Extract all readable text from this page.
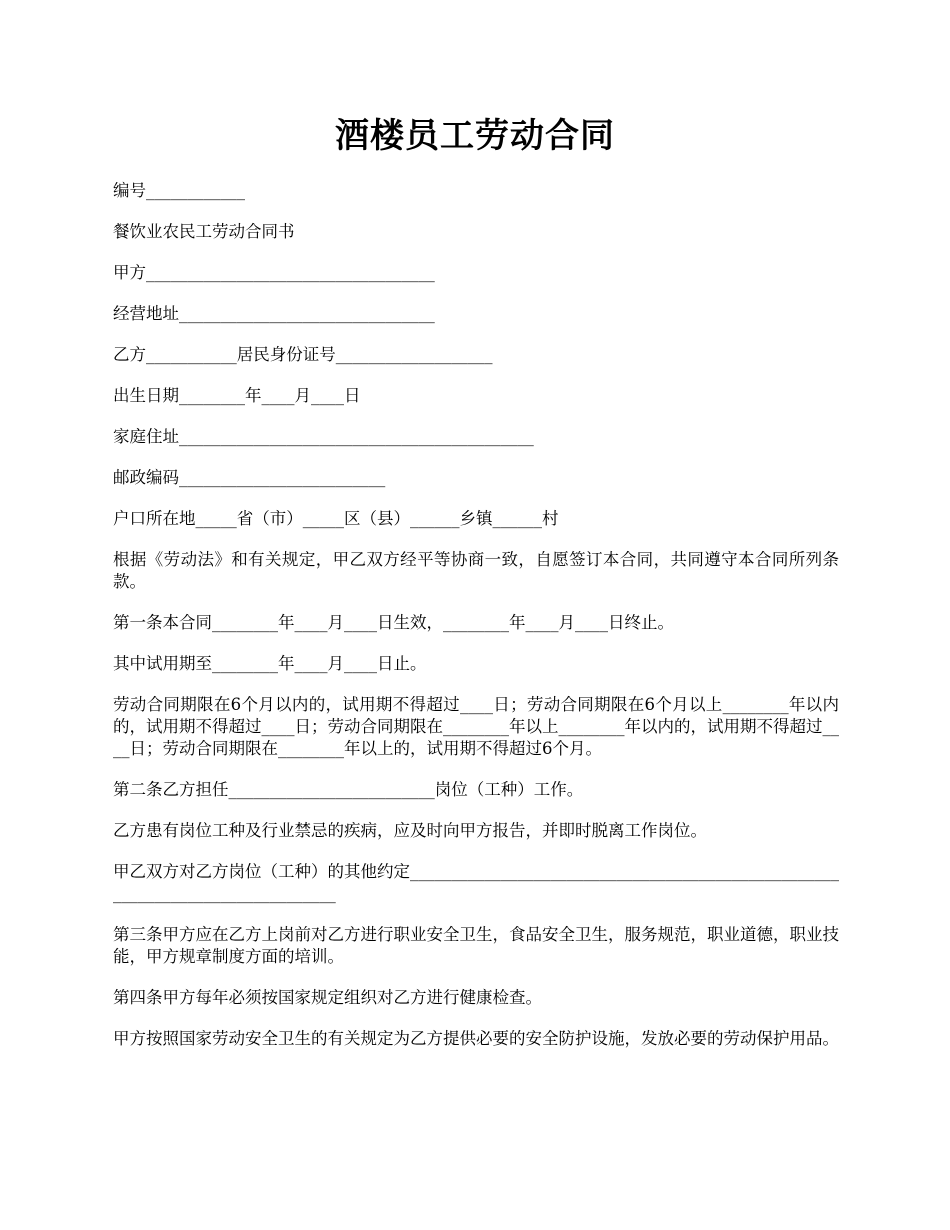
酒楼员工劳动合同

编号____________

餐饮业农民工劳动合同书

甲方___________________________________

经营地址_______________________________

乙方___________居民身份证号___________________

出生日期________年____月____日

家庭住址___________________________________________

邮政编码_________________________

户口所在地_____省（市）_____区（县）______乡镇______村

根据《劳动法》和有关规定，甲乙双方经平等协商一致，自愿签订本合同，共同遵守本合同所列条款。

第一条本合同________年____月____日生效，________年____月____日终止。

其中试用期至________年____月____日止。

劳动合同期限在6个月以内的，试用期不得超过____日；劳动合同期限在6个月以上________年以内的，试用期不得超过____日；劳动合同期限在________年以上________年以内的，试用期不得超过____日；劳动合同期限在________年以上的，试用期不得超过6个月。

第二条乙方担任_________________________岗位（工种）工作。

乙方患有岗位工种及行业禁忌的疾病，应及时向甲方报告，并即时脱离工作岗位。

甲乙双方对乙方岗位（工种）的其他约定_______________________________________________________________________________

第三条甲方应在乙方上岗前对乙方进行职业安全卫生，食品安全卫生，服务规范，职业道德，职业技能，甲方规章制度方面的培训。

第四条甲方每年必须按国家规定组织对乙方进行健康检查。

甲方按照国家劳动安全卫生的有关规定为乙方提供必要的安全防护设施，发放必要的劳动保护用品。
